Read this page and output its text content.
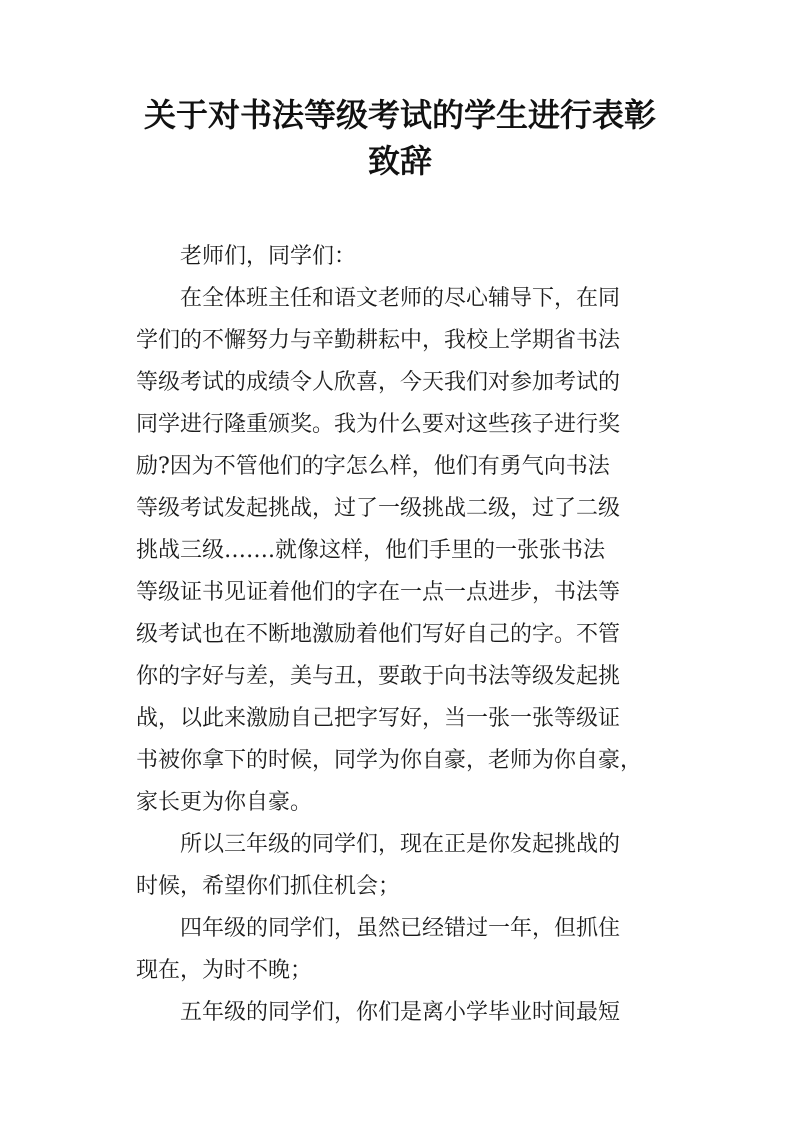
关于对书法等级考试的学生进行表彰
致辞
老师们，同学们：
在全体班主任和语文老师的尽心辅导下，在同
学们的不懈努力与辛勤耕耘中，我校上学期省书法
等级考试的成绩令人欣喜，今天我们对参加考试的
同学进行隆重颁奖。我为什么要对这些孩子进行奖
励?因为不管他们的字怎么样，他们有勇气向书法
等级考试发起挑战，过了一级挑战二级，过了二级
挑战三级…….就像这样，他们手里的一张张书法
等级证书见证着他们的字在一点一点进步，书法等
级考试也在不断地激励着他们写好自己的字。不管
你的字好与差，美与丑，要敢于向书法等级发起挑
战，以此来激励自己把字写好，当一张一张等级证
书被你拿下的时候，同学为你自豪，老师为你自豪，
家长更为你自豪。
所以三年级的同学们，现在正是你发起挑战的
时候，希望你们抓住机会；
四年级的同学们，虽然已经错过一年，但抓住
现在，为时不晚；
五年级的同学们，你们是离小学毕业时间最短
